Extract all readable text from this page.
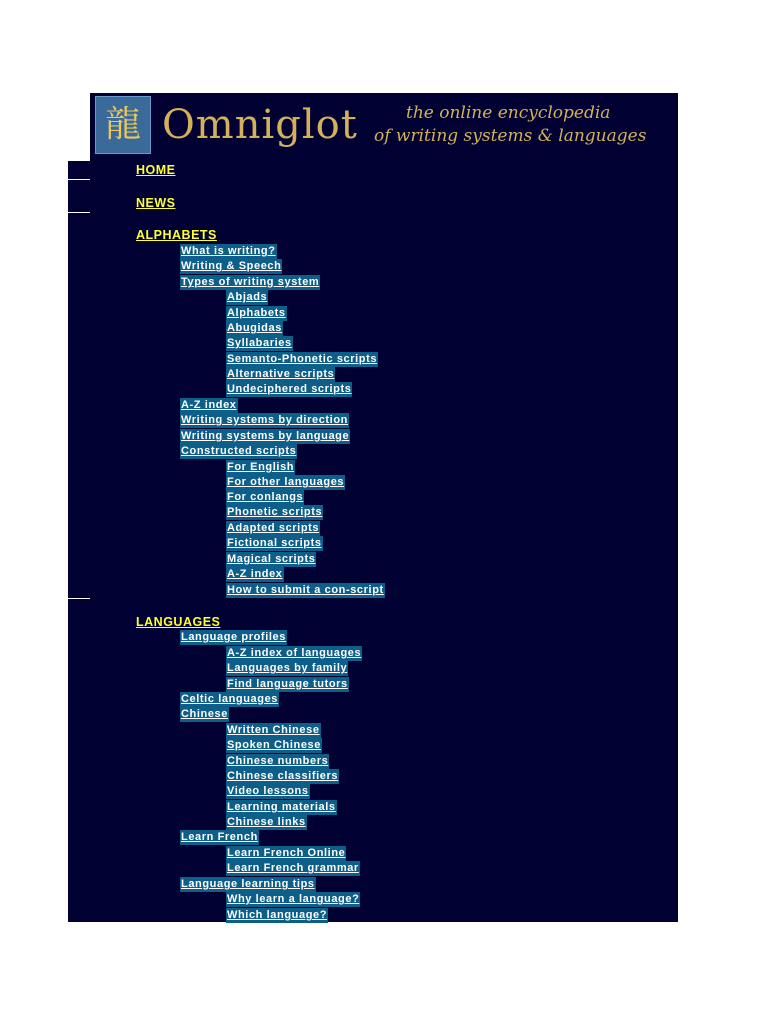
龍 Omniglot	the online encyclopedia
of writing systems & languages
HOME
NEWS
ALPHABETS
What is writing?
Writing & Speech
Types of writing system
Abjads
Alphabets
Abugidas
Syllabaries
Semanto-Phonetic scripts
Alternative scripts
Undeciphered scripts
A-Z index
Writing systems by direction
Writing systems by language
Constructed scripts
For English
For other languages
For conlangs
Phonetic scripts
Adapted scripts
Fictional scripts
Magical scripts
A-Z index
How to submit a con-script
LANGUAGES
Language profiles
A-Z index of languages
Languages by family
Find language tutors
Celtic languages
Chinese
Written Chinese
Spoken Chinese
Chinese numbers
Chinese classifiers
Video lessons
Learning materials
Chinese links
Learn French
Learn French Online
Learn French grammar
Language learning tips
Why learn a language?
Which language?
